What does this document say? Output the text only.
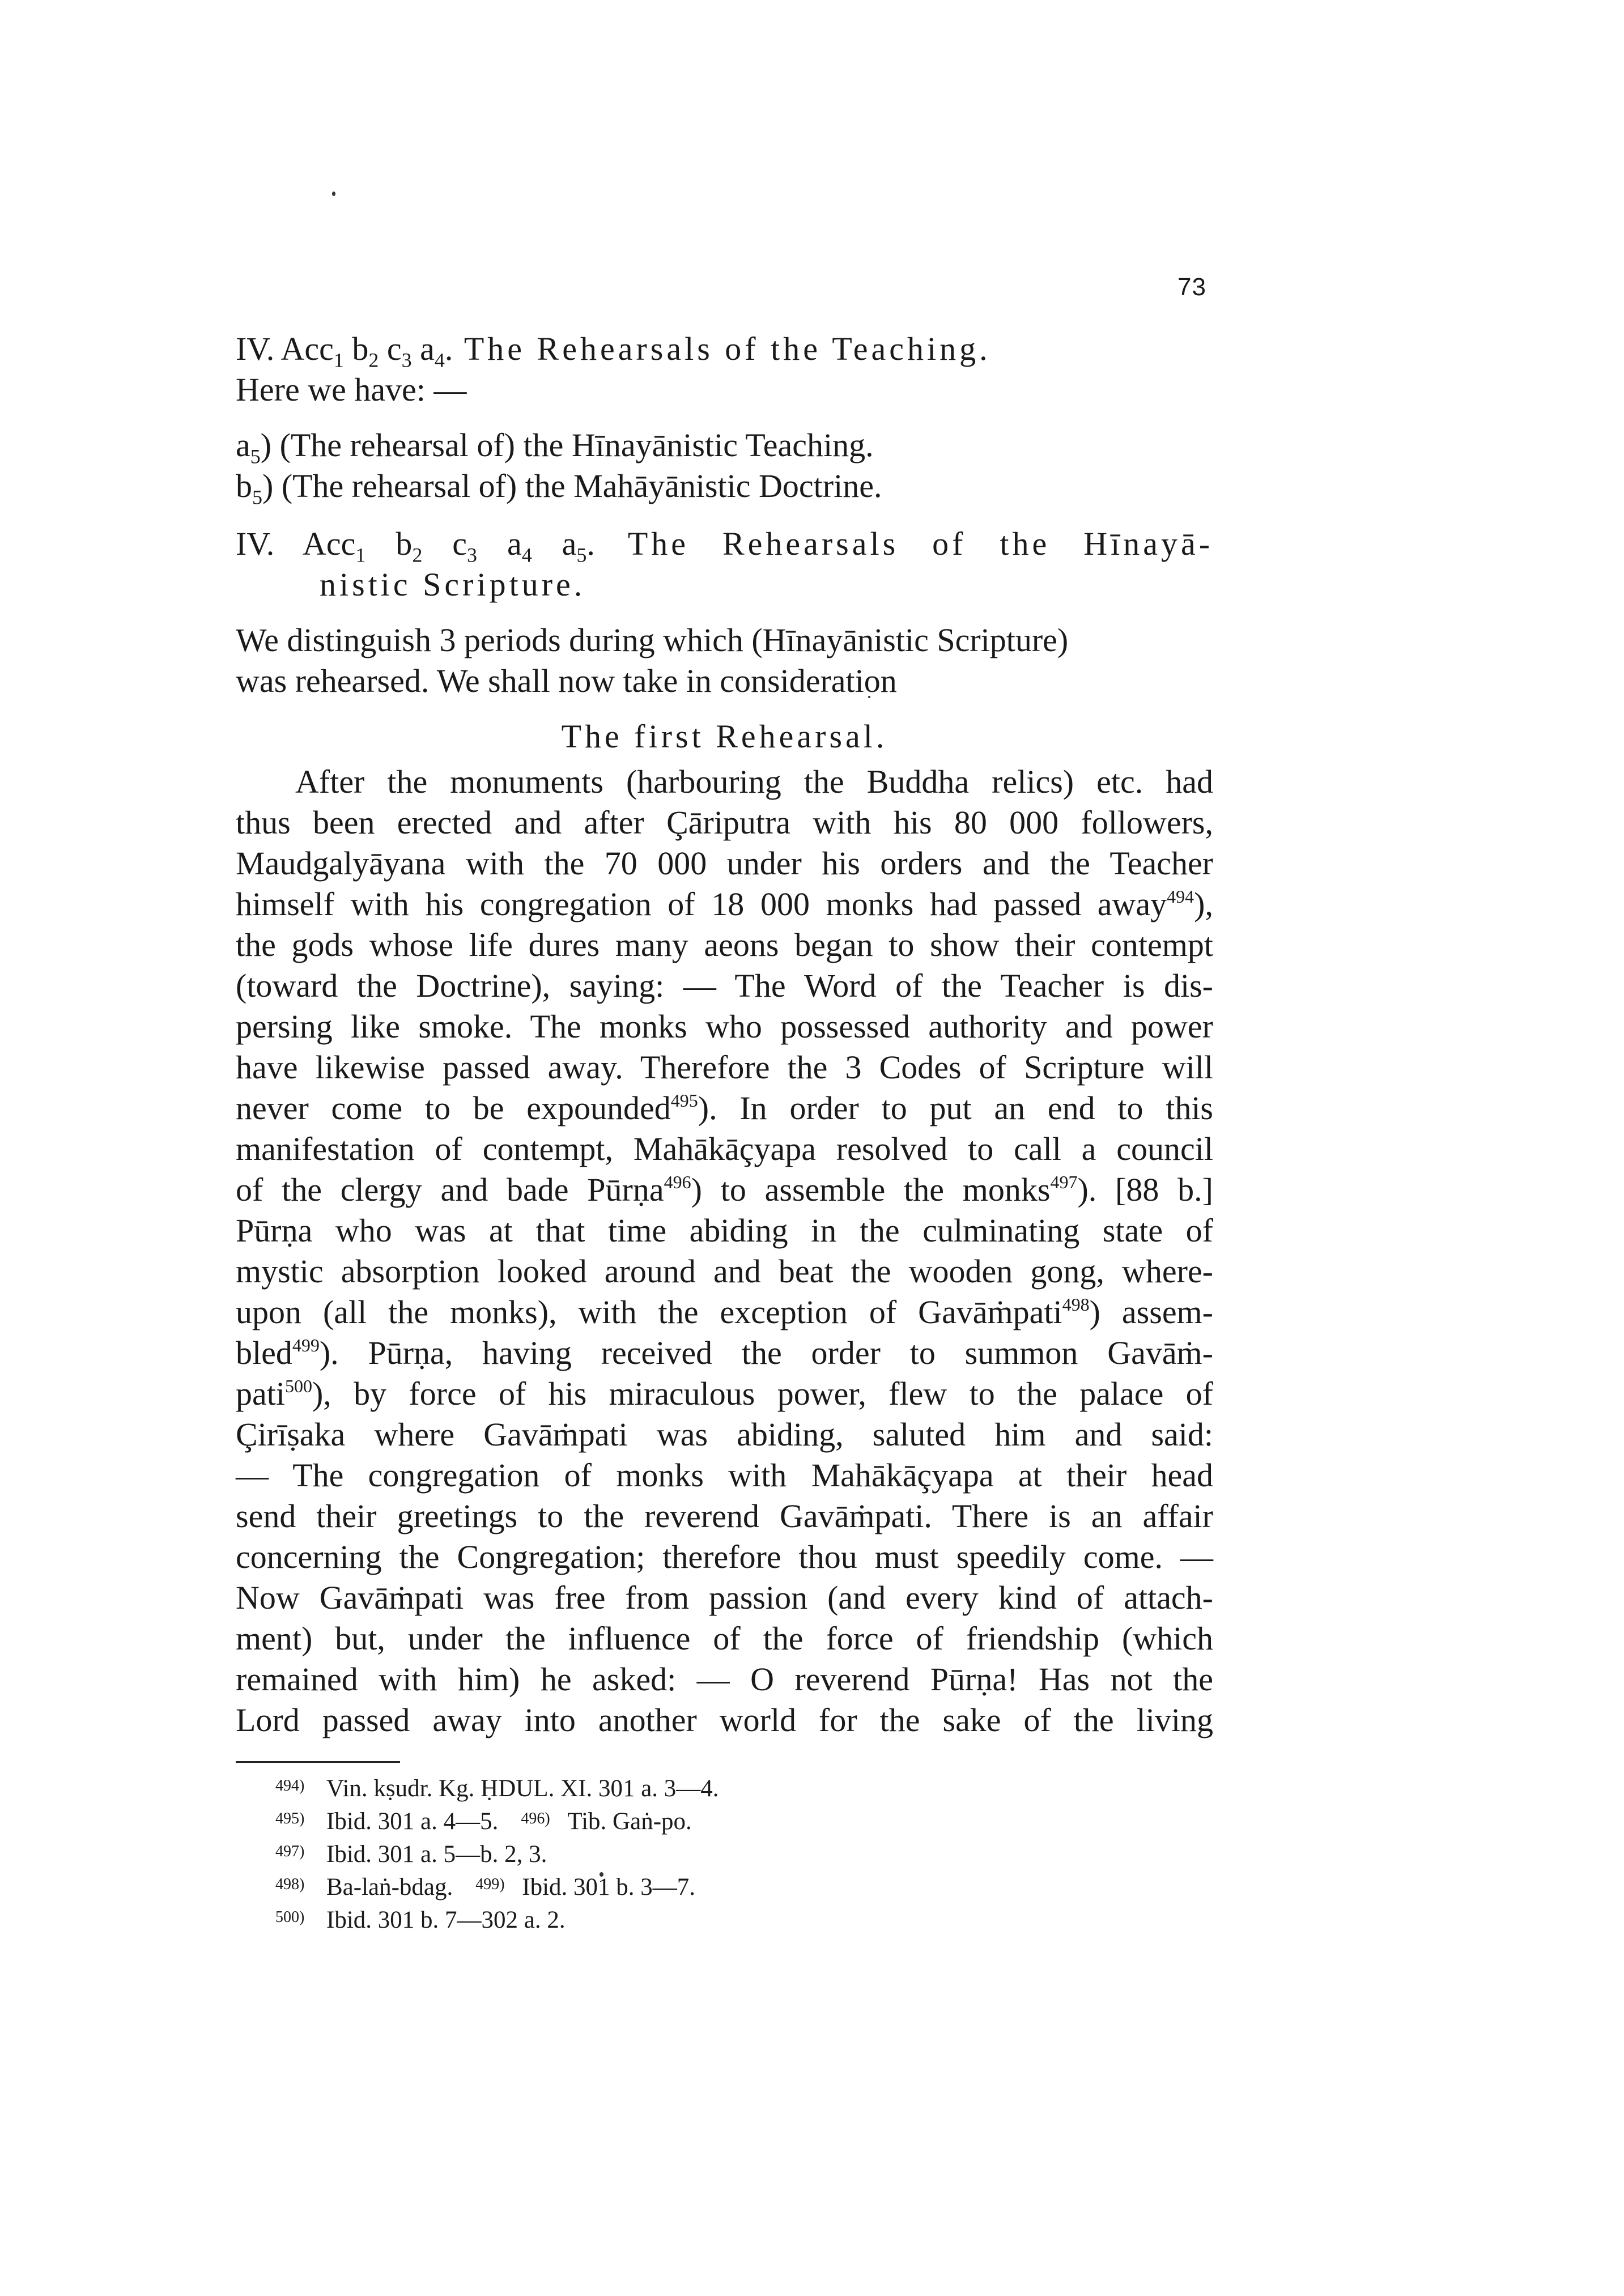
73
IV. Acc$_1$ $b_2$ $c_3$ $a_4$. The Rehearsals of the Teaching.
Here we have: —
$a_5$) (The rehearsal of) the Hīnayānistic Teaching.
$b_5$) (The rehearsal of) the Mahāyānistic Doctrine.
IV. Acc$_1$ $b_2$ $c_3$ $a_4$ $a_5$. The Rehearsals of the Hīnayā-
nistic Scripture.
We distinguish 3 periods during which (Hīnayānistic Scripture)
was rehearsed. We shall now take in consideration
The first Rehearsal.
After the monuments (harbouring the Buddha relics) etc. had
thus been erected and after Çāriputra with his 80 000 followers,
Maudgalyāyana with the 70 000 under his orders and the Teacher
himself with his congregation of 18 000 monks had passed away$^{494}$),
the gods whose life dures many aeons began to show their contempt
(toward the Doctrine), saying: — The Word of the Teacher is dis-
persing like smoke. The monks who possessed authority and power
have likewise passed away. Therefore the 3 Codes of Scripture will
never come to be expounded$^{495}$). In order to put an end to this
manifestation of contempt, Mahākāçyapa resolved to call a council
of the clergy and bade Pūrṇa$^{496}$) to assemble the monks$^{497}$). [88 b.]
Pūrṇa who was at that time abiding in the culminating state of
mystic absorption looked around and beat the wooden gong, where-
upon (all the monks), with the exception of Gavāṁpati$^{498}$) assem-
bled$^{499}$). Pūrṇa, having received the order to summon Gavāṁ-
pati$^{500}$), by force of his miraculous power, flew to the palace of
Çirīṣaka where Gavāṁpati was abiding, saluted him and said:
— The congregation of monks with Mahākāçyapa at their head
send their greetings to the reverend Gavāṁpati. There is an affair
concerning the Congregation; therefore thou must speedily come. —
Now Gavāṁpati was free from passion (and every kind of attach-
ment) but, under the influence of the force of friendship (which
remained with him) he asked: — O reverend Pūrṇa! Has not the
Lord passed away into another world for the sake of the living
494) Vin. kṣudr. Kg. ḤDUL. XI. 301 a. 3—4.
495) Ibid. 301 a. 4—5. 496) Tib. Gaṅ-po.
497) Ibid. 301 a. 5—b. 2, 3.
498) Ba-laṅ-bdag. 499) Ibid. 301 b. 3—7.
500) Ibid. 301 b. 7—302 a. 2.
